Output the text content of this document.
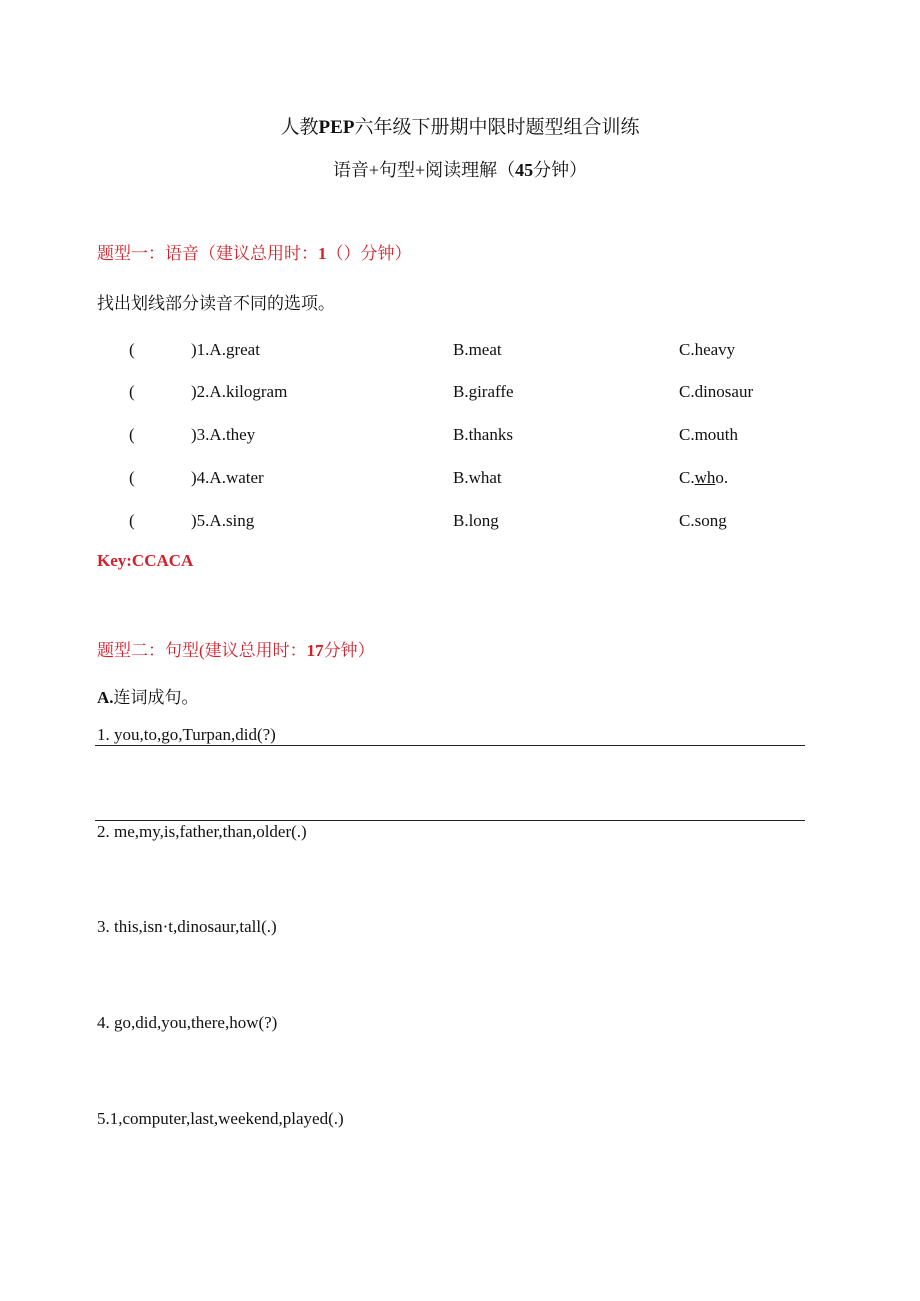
人教PEP六年级下册期中限时题型组合训练
语音+句型+阅读理解（45分钟）
题型一：语音（建议总用时：1（）分钟）
找出划线部分读音不同的选项。
(	)1.A.great	B.meat	C.heavy
(	)2.A.kilogram	B.giraffe	C.dinosaur
(	)3.A.they	B.thanks	C.mouth
(	)4.A.water	B.what	C.who.
(	)5.A.sing	B.long	C.song
Key:CCACA
题型二：句型(建议总用时：17分钟）
A.连词成句。
1. you,to,go,Turpan,did(?)
2. me,my,is,father,than,older(.)
3. this,isn·t,dinosaur,tall(.)
4. go,did,you,there,how(?)
5.1,computer,last,weekend,played(.)
